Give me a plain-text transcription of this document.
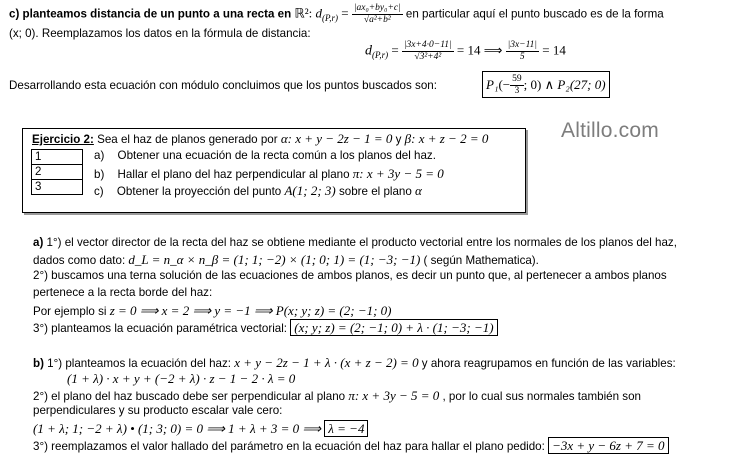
c) planteamos distancia de un punto a una recta en ℝ²: $d_{(P,r)} = \frac{\text{|ax₀+by₀+c|}}{\text{√a²+b²}}$ en particular aquí el punto buscado es de la forma
(x; 0). Reemplazamos los datos en la fórmula de distancia:
$d_{(P,r)} = \frac{|3x+4\cdot 0-11|}{\text{√3²+4²}} = 14$ ⟹ $\frac{|3x-11|}{5} = 14$
Desarrollando esta ecuación con módulo concluimos que los puntos buscados son:	$P_1(- \frac{59}{3}$ ; 0) ∧ P₂(27; 0)
Ejercicio 2: Sea el haz de planos generado por α: x + y − 2z − 1 = 0 y β: x + z − 2 = 0
1
2
3
a) Obtener una ecuación de la recta común a los planos del haz.
b) Hallar el plano del haz perpendicular al plano π: x + 3y − 5 = 0
c) Obtener la proyección del punto A(1; 2; 3) sobre el plano α
Altillo.com
a) 1°) el vector director de la recta del haz se obtiene mediante el producto vectorial entre los normales de los planos del haz,
dados como dato: d_L = n_α × n_β = (1; 1; −2) × (1; 0; 1) = (1; −3; −1) ( según Mathematica).
2°) buscamos una terna solución de las ecuaciones de ambos planos, es decir un punto que, al pertenecer a ambos planos
pertenece a la recta borde del haz:
Por ejemplo si z = 0 ⟹ x = 2 ⟹ y = −1 ⟹ P(x; y; z) = (2; −1; 0)
3°) planteamos la ecuación paramétrica vectorial: (x; y; z) = (2; −1; 0) + λ · (1; −3; −1)
b) 1°) planteamos la ecuación del haz: x + y − 2z − 1 + λ · (x + z − 2) = 0 y ahora reagrupamos en función de las variables:
(1 + λ) · x + y + (−2 + λ) · z − 1 − 2 · λ = 0
2°) el plano del haz buscado debe ser perpendicular al plano π: x + 3y − 5 = 0 , por lo cual sus normales también son
perpendiculares y su producto escalar vale cero:
(1 + λ; 1; −2 + λ) • (1; 3; 0) = 0 ⟹ 1 + λ + 3 = 0 ⟹ λ = −4
3°) reemplazamos el valor hallado del parámetro en la ecuación del haz para hallar el plano pedido: −3x + y − 6z + 7 = 0
